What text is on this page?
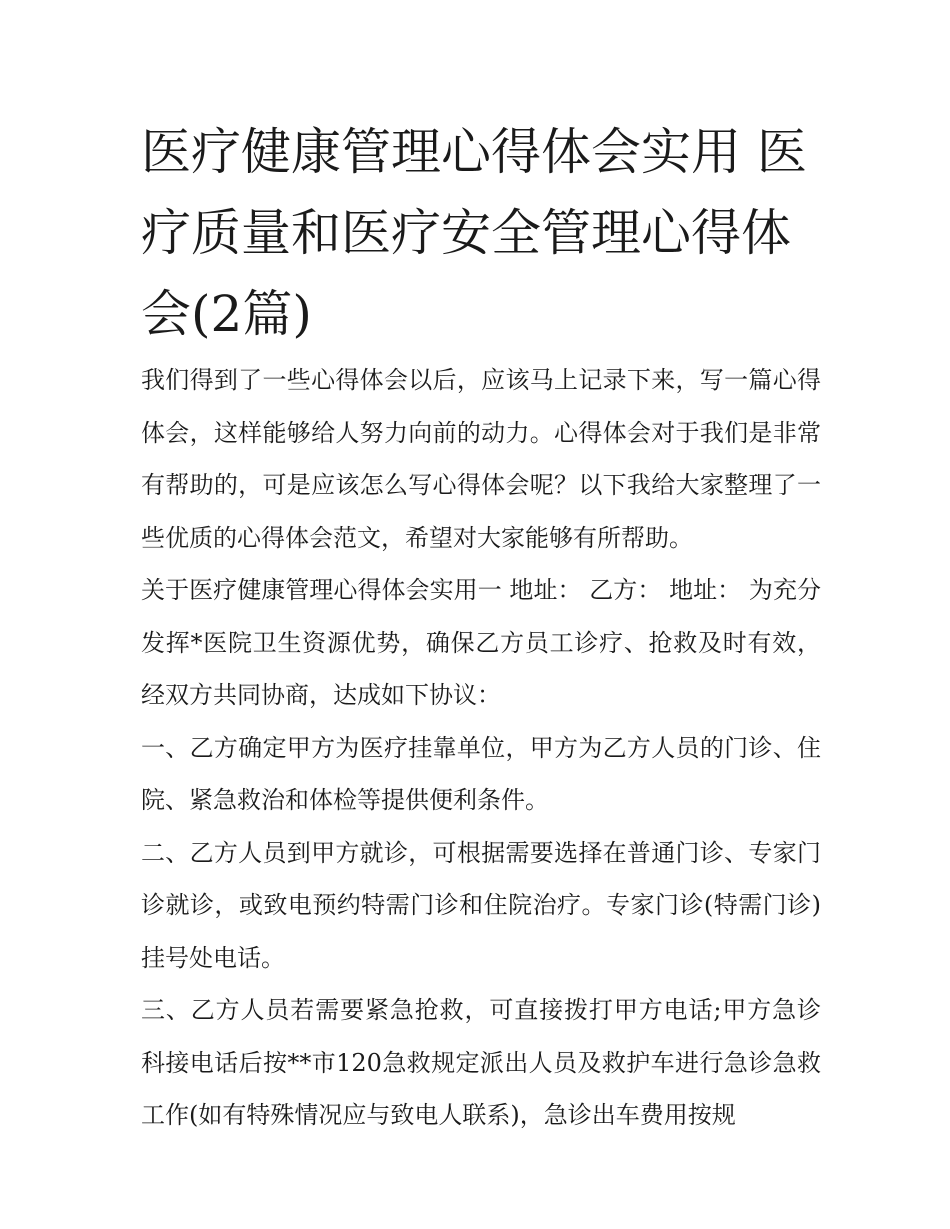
医疗健康管理心得体会实用 医疗质量和医疗安全管理心得体会(2篇)

我们得到了一些心得体会以后，应该马上记录下来，写一篇心得体会，这样能够给人努力向前的动力。心得体会对于我们是非常有帮助的，可是应该怎么写心得体会呢？以下我给大家整理了一些优质的心得体会范文，希望对大家能够有所帮助。

关于医疗健康管理心得体会实用一 地址： 乙方： 地址： 为充分发挥*医院卫生资源优势，确保乙方员工诊疗、抢救及时有效，经双方共同协商，达成如下协议：

一、乙方确定甲方为医疗挂靠单位，甲方为乙方人员的门诊、住院、紧急救治和体检等提供便利条件。

二、乙方人员到甲方就诊，可根据需要选择在普通门诊、专家门诊就诊，或致电预约特需门诊和住院治疗。专家门诊(特需门诊)挂号处电话。

三、乙方人员若需要紧急抢救，可直接拨打甲方电话;甲方急诊科接电话后按**市120急救规定派出人员及救护车进行急诊急救工作(如有特殊情况应与致电人联系)，急诊出车费用按规
